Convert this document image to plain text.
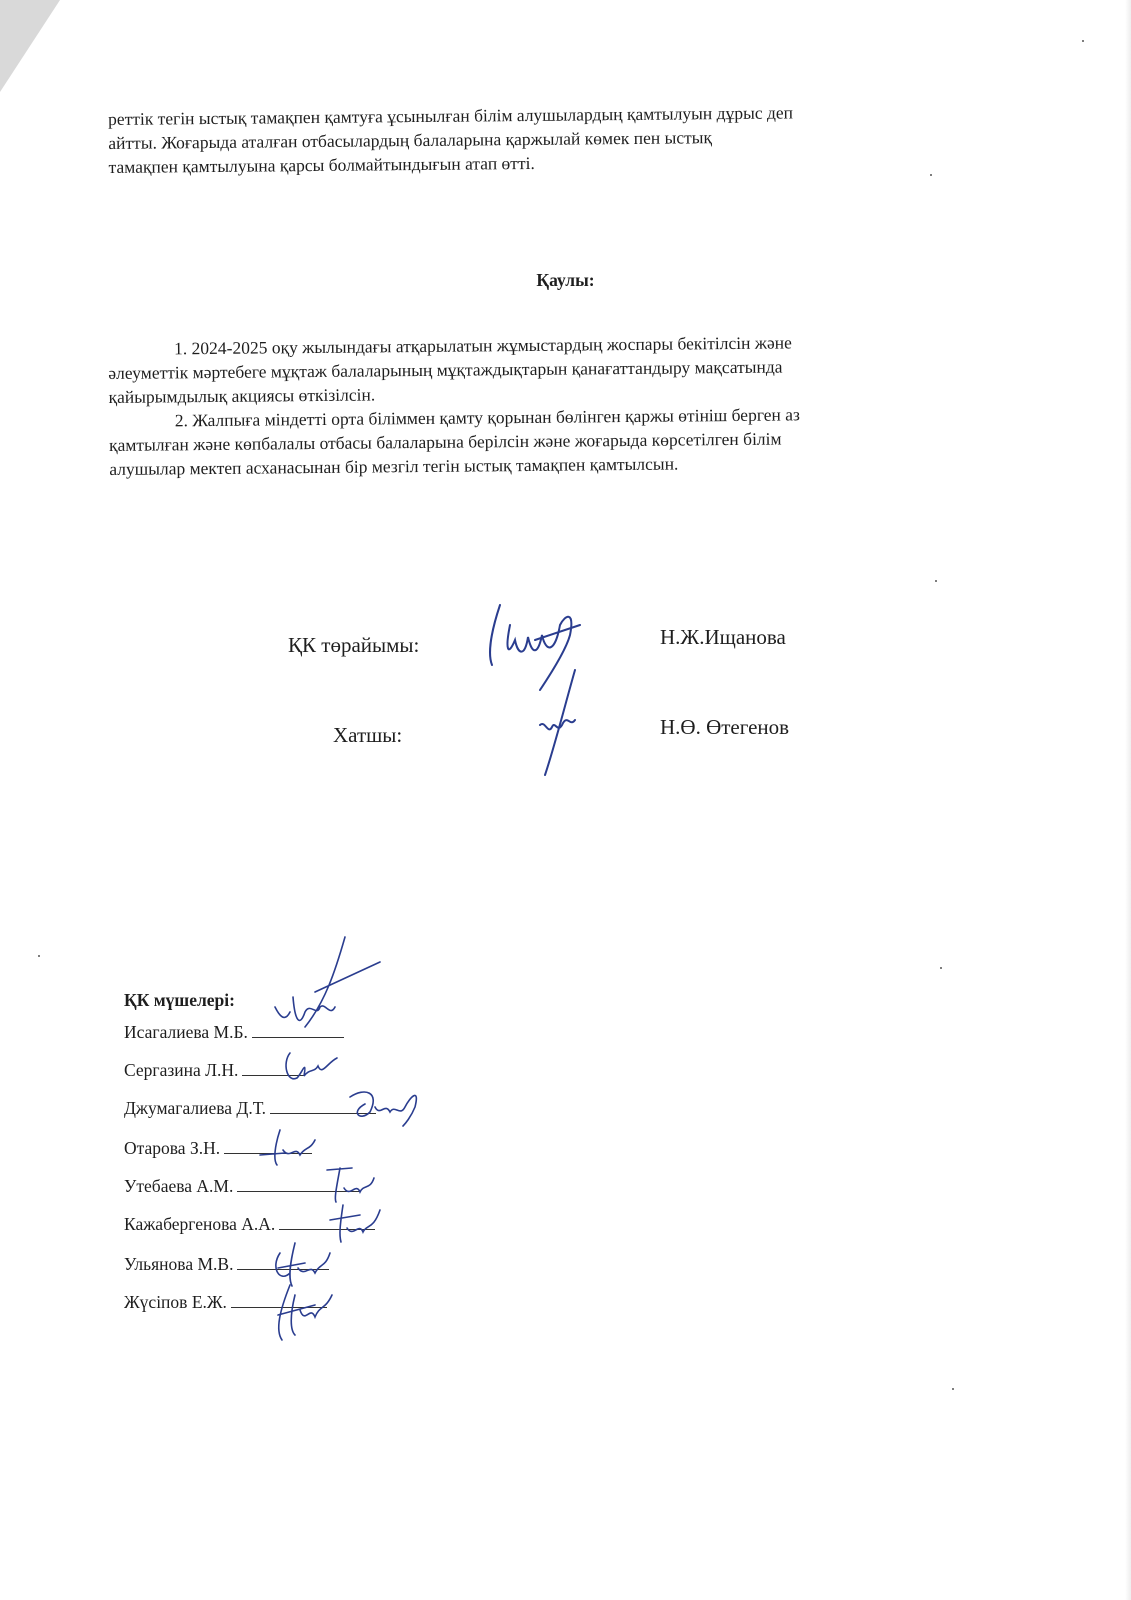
реттік тегін ыстық тамақпен қамтуға ұсынылған білім алушылардың қамтылуын дұрыс деп
айтты. Жоғарыда аталған отбасылардың балаларына қаржылай көмек пен ыстық
тамақпен қамтылуына қарсы болмайтындығын атап өтті.
Қаулы:
1. 2024-2025 оқу жылындағы атқарылатын жұмыстардың жоспары бекітілсін және
әлеуметтік мәртебеге мұқтаж балаларының мұқтаждықтарын қанағаттандыру мақсатында
қайырымдылық акциясы өткізілсін.
2. Жалпыға міндетті орта біліммен қамту қорынан бөлінген қаржы өтініш берген аз
қамтылған және көпбалалы отбасы балаларына берілсін және жоғарыда көрсетілген білім
алушылар мектеп асханасынан бір мезгіл тегін ыстық тамақпен қамтылсын.
ҚК төрайымы:	Н.Ж.Ищанова
Хатшы:	Н.Ө. Өтегенов
ҚК мүшелері:
Исагалиева М.Б.
Сергазина Л.Н.
Джумагалиева Д.Т.
Отарова З.Н.
Утебаева А.М.
Кажабергенова А.А.
Ульянова М.В.
Жүсіпов Е.Ж.
